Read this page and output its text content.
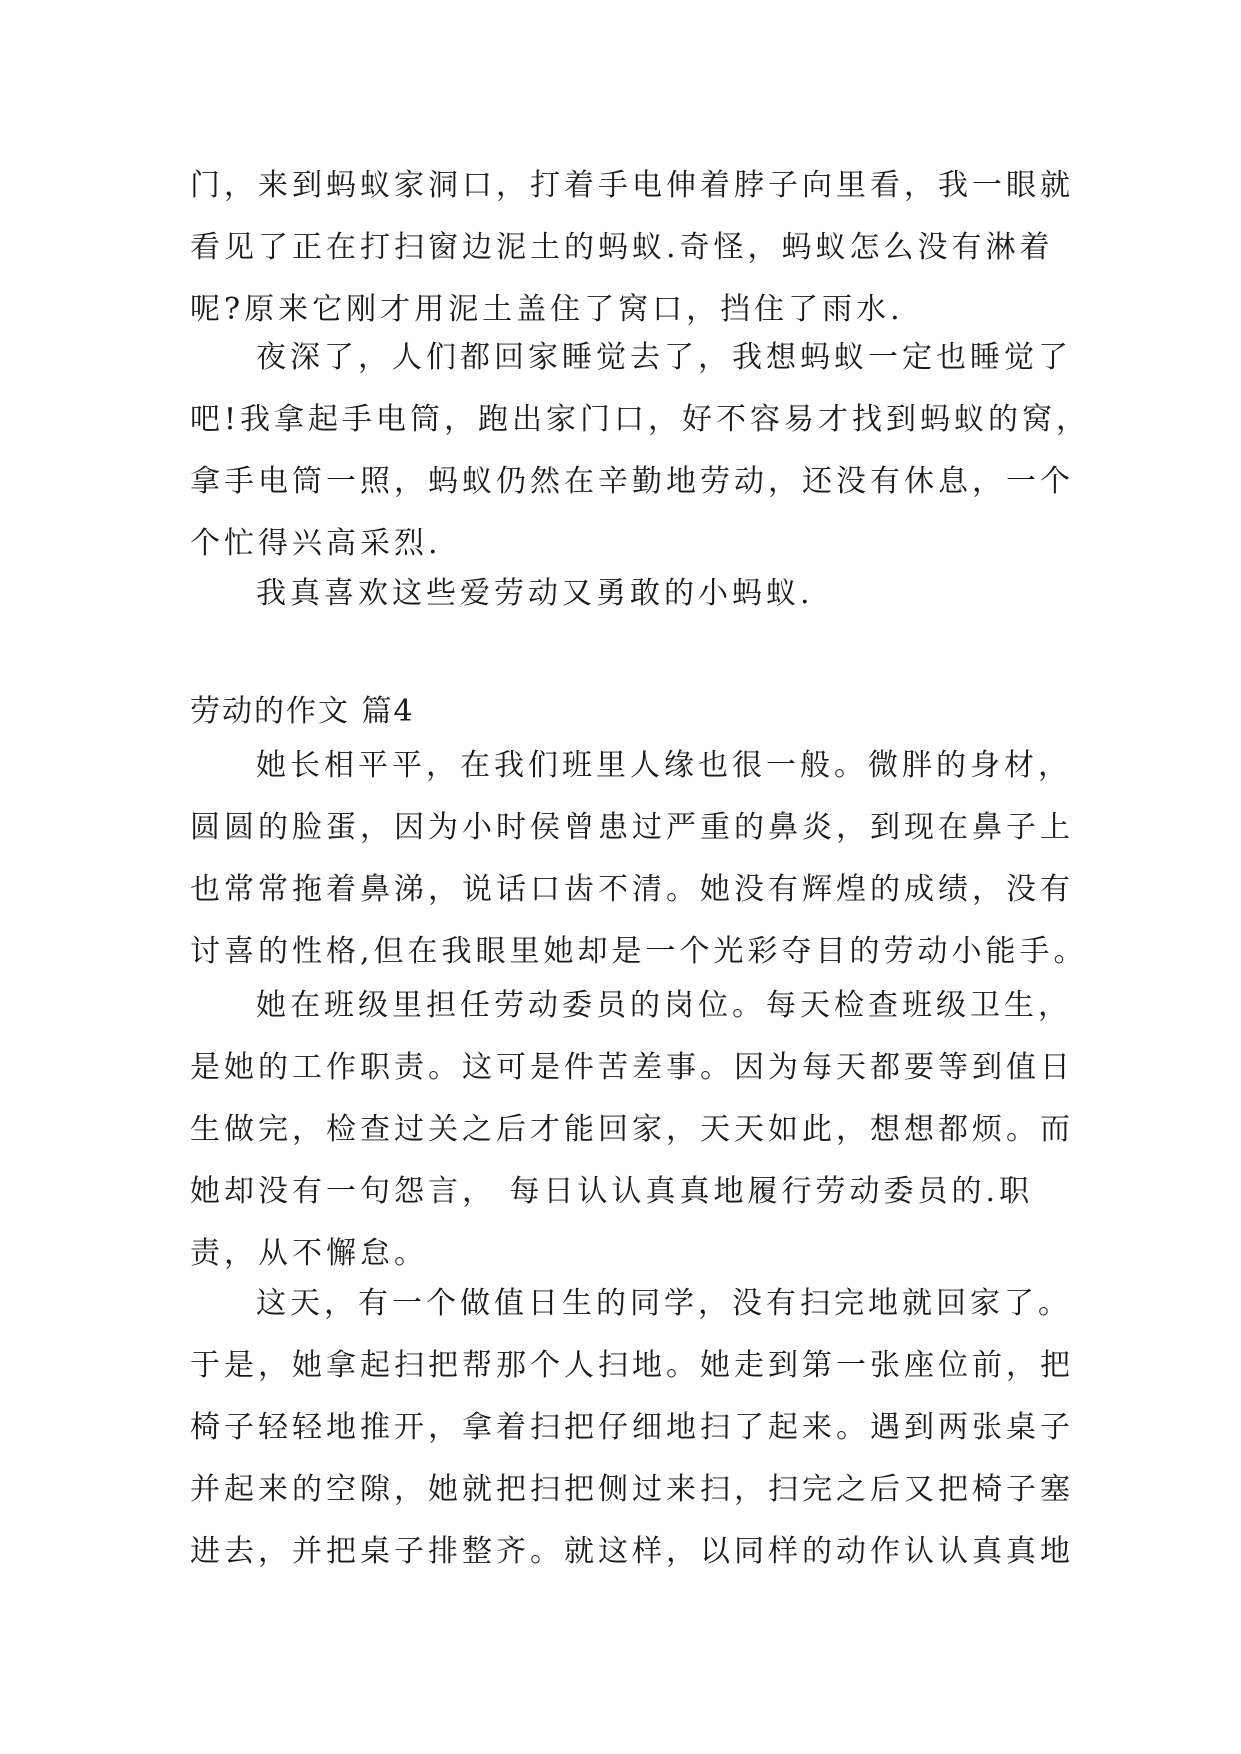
门，来到蚂蚁家洞口，打着手电伸着脖子向里看，我一眼就
看见了正在打扫窗边泥土的蚂蚁.奇怪，蚂蚁怎么没有淋着
呢?原来它刚才用泥土盖住了窝口，挡住了雨水.
夜深了，人们都回家睡觉去了，我想蚂蚁一定也睡觉了
吧!我拿起手电筒，跑出家门口，好不容易才找到蚂蚁的窝，
拿手电筒一照，蚂蚁仍然在辛勤地劳动，还没有休息，一个
个忙得兴高采烈.
我真喜欢这些爱劳动又勇敢的小蚂蚁.
劳动的作文 篇4
她长相平平，在我们班里人缘也很一般。微胖的身材，
圆圆的脸蛋，因为小时侯曾患过严重的鼻炎，到现在鼻子上
也常常拖着鼻涕，说话口齿不清。她没有辉煌的成绩，没有
讨喜的性格,但在我眼里她却是一个光彩夺目的劳动小能手。
她在班级里担任劳动委员的岗位。每天检查班级卫生，
是她的工作职责。这可是件苦差事。因为每天都要等到值日
生做完，检查过关之后才能回家，天天如此，想想都烦。而
她却没有一句怨言， 每日认认真真地履行劳动委员的.职
责，从不懈怠。
这天，有一个做值日生的同学，没有扫完地就回家了。
于是，她拿起扫把帮那个人扫地。她走到第一张座位前，把
椅子轻轻地推开，拿着扫把仔细地扫了起来。遇到两张桌子
并起来的空隙，她就把扫把侧过来扫，扫完之后又把椅子塞
进去，并把桌子排整齐。就这样，以同样的动作认认真真地
